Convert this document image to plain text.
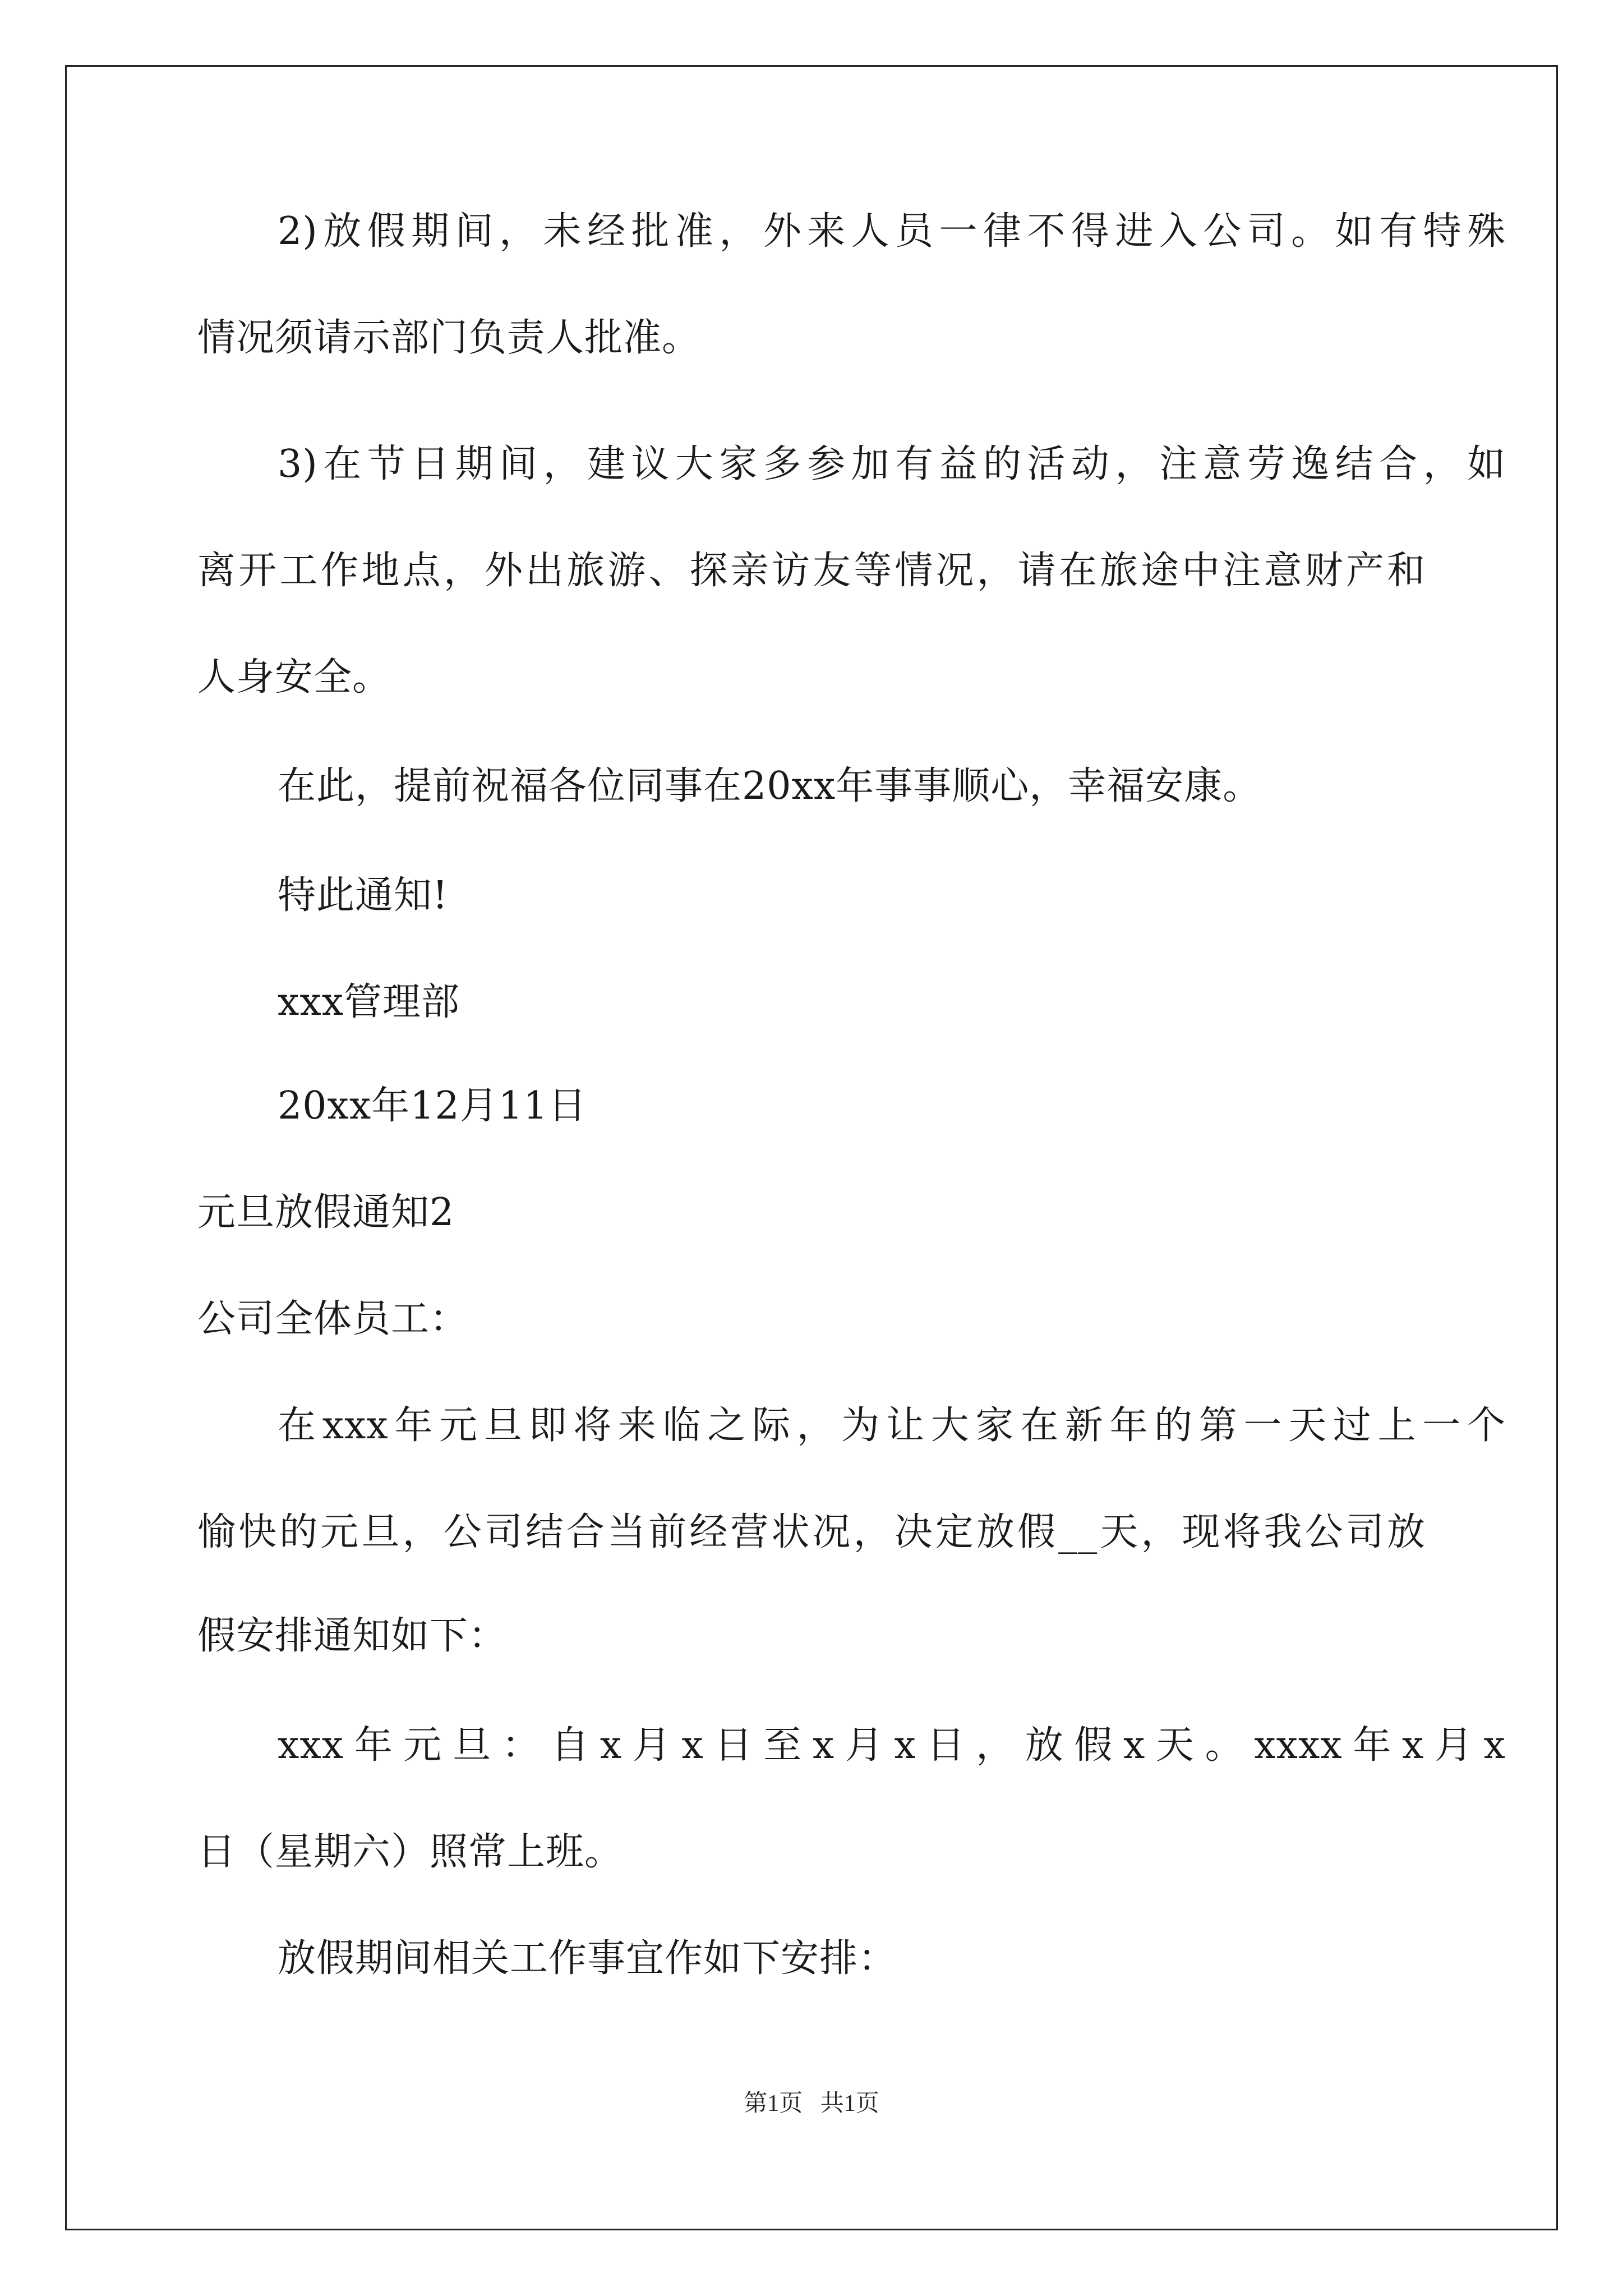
2)放假期间，未经批准，外来人员一律不得进入公司。如有特殊
情况须请示部门负责人批准。
3)在节日期间，建议大家多参加有益的活动，注意劳逸结合，如
离开工作地点，外出旅游、探亲访友等情况，请在旅途中注意财产和
人身安全。
在此，提前祝福各位同事在20xx年事事顺心，幸福安康。
特此通知!
xxx管理部
20xx年12月11日
元旦放假通知2
公司全体员工：
在xxx年元旦即将来临之际，为让大家在新年的第一天过上一个
愉快的元旦，公司结合当前经营状况，决定放假__天，现将我公司放
假安排通知如下：
xxx年元旦：自x月x日至x月x日，放假x天。xxxx年x月x
日（星期六）照常上班。
放假期间相关工作事宜作如下安排：
第1页   共1页
